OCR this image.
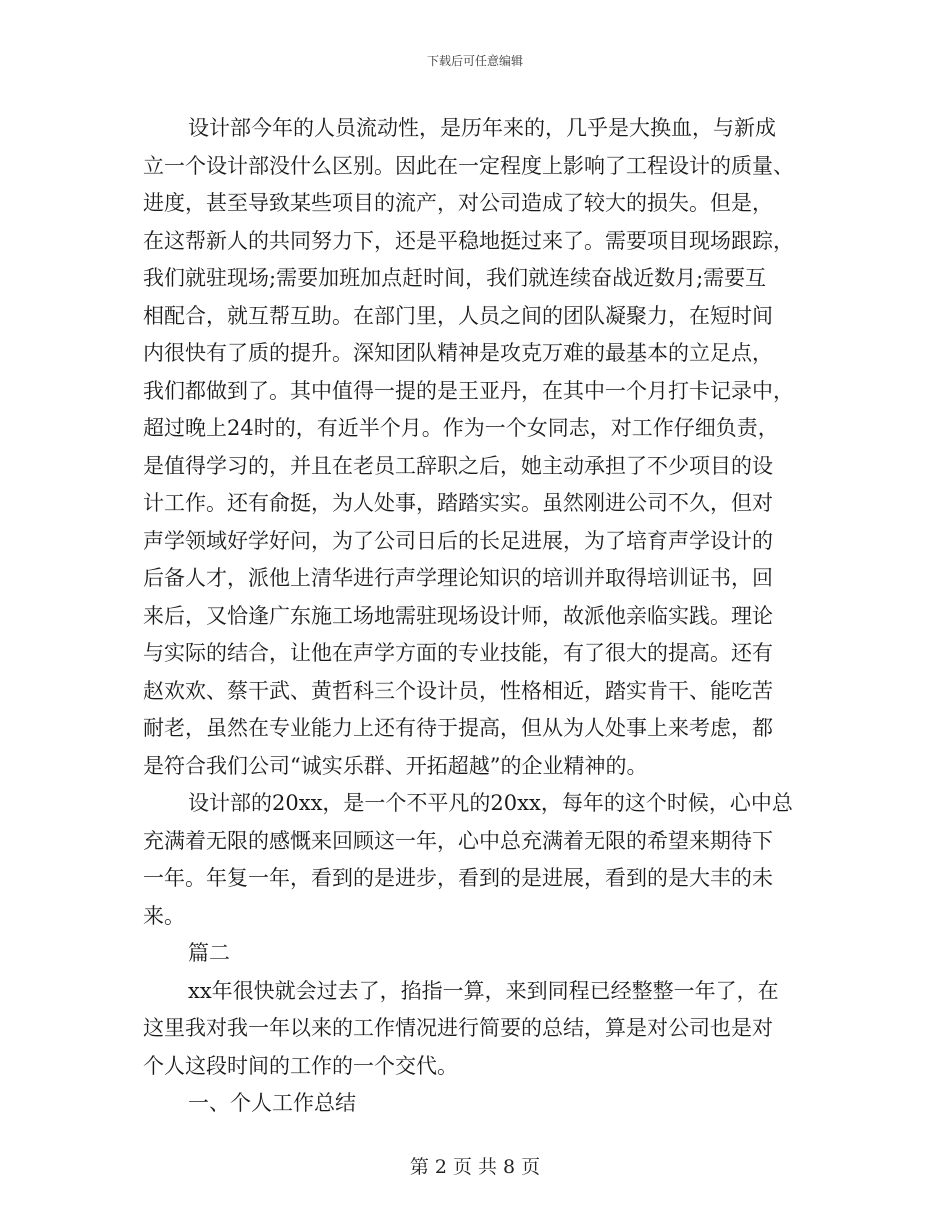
下载后可任意编辑
设计部今年的人员流动性，是历年来的，几乎是大换血，与新成
立一个设计部没什么区别。因此在一定程度上影响了工程设计的质量、
进度，甚至导致某些项目的流产，对公司造成了较大的损失。但是，
在这帮新人的共同努力下，还是平稳地挺过来了。需要项目现场跟踪，
我们就驻现场;需要加班加点赶时间，我们就连续奋战近数月;需要互
相配合，就互帮互助。在部门里，人员之间的团队凝聚力，在短时间
内很快有了质的提升。深知团队精神是攻克万难的最基本的立足点，
我们都做到了。其中值得一提的是王亚丹，在其中一个月打卡记录中，
超过晚上24时的，有近半个月。作为一个女同志，对工作仔细负责，
是值得学习的，并且在老员工辞职之后，她主动承担了不少项目的设
计工作。还有俞挺，为人处事，踏踏实实。虽然刚进公司不久，但对
声学领域好学好问，为了公司日后的长足进展，为了培育声学设计的
后备人才，派他上清华进行声学理论知识的培训并取得培训证书，回
来后，又恰逢广东施工场地需驻现场设计师，故派他亲临实践。理论
与实际的结合，让他在声学方面的专业技能，有了很大的提高。还有
赵欢欢、蔡干武、黄哲科三个设计员，性格相近，踏实肯干、能吃苦
耐老，虽然在专业能力上还有待于提高，但从为人处事上来考虑，都
是符合我们公司“诚实乐群、开拓超越”的企业精神的。
设计部的20xx，是一个不平凡的20xx，每年的这个时候，心中总
充满着无限的感慨来回顾这一年，心中总充满着无限的希望来期待下
一年。年复一年，看到的是进步，看到的是进展，看到的是大丰的未
来。
篇二
xx年很快就会过去了，掐指一算，来到同程已经整整一年了，在
这里我对我一年以来的工作情况进行简要的总结，算是对公司也是对
个人这段时间的工作的一个交代。
一、个人工作总结
第 2 页 共 8 页
